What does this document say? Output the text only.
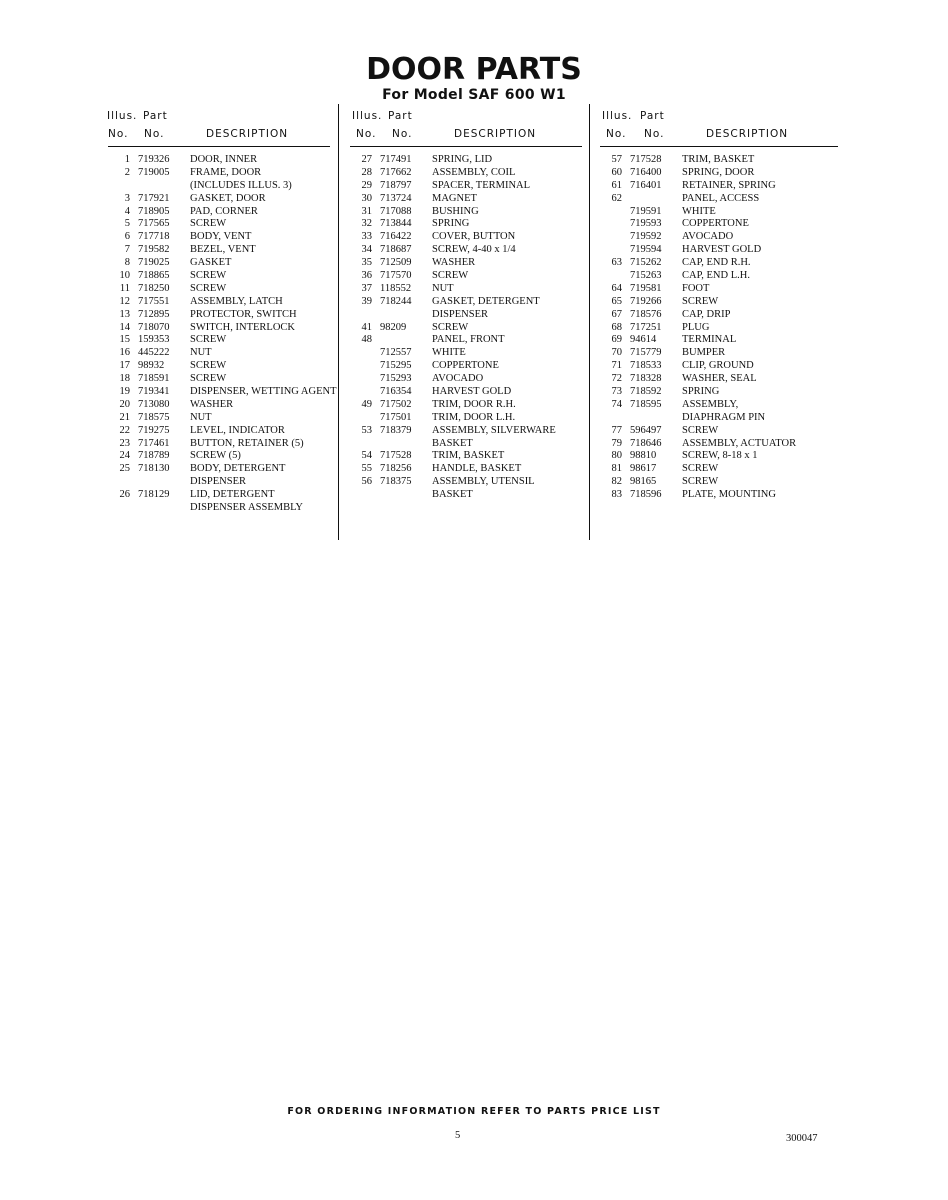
DOOR PARTS
For Model SAF 600 W1
Illus. Part
No. No.	DESCRIPTION
1 719326 DOOR, INNER
2 719005 FRAME, DOOR
(INCLUDES ILLUS. 3)
3 717921 GASKET, DOOR
4 718905 PAD, CORNER
5 717565 SCREW
6 717718 BODY, VENT
7 719582 BEZEL, VENT
8 719025 GASKET
10 718865 SCREW
11 718250 SCREW
12 717551 ASSEMBLY, LATCH
13 712895 PROTECTOR, SWITCH
14 718070 SWITCH, INTERLOCK
15 159353 SCREW
16 445222 NUT
17 98932 SCREW
18 718591 SCREW
19 719341 DISPENSER, WETTING AGENT
20 713080 WASHER
21 718575 NUT
22 719275 LEVEL, INDICATOR
23 717461 BUTTON, RETAINER (5)
24 718789 SCREW (5)
25 718130 BODY, DETERGENT
DISPENSER
26 718129 LID, DETERGENT
DISPENSER ASSEMBLY
Illus. Part
No. No.	DESCRIPTION
27 717491 SPRING, LID
28 717662 ASSEMBLY, COIL
29 718797 SPACER, TERMINAL
30 713724 MAGNET
31 717088 BUSHING
32 713844 SPRING
33 716422 COVER, BUTTON
34 718687 SCREW, 4-40 x 1/4
35 712509 WASHER
36 717570 SCREW
37 118552 NUT
39 718244 GASKET, DETERGENT
DISPENSER
41 98209 SCREW
48	PANEL, FRONT
712557 WHITE
715295 COPPERTONE
715293 AVOCADO
716354 HARVEST GOLD
49 717502 TRIM, DOOR R.H.
717501 TRIM, DOOR L.H.
53 718379 ASSEMBLY, SILVERWARE
BASKET
54 717528 TRIM, BASKET
55 718256 HANDLE, BASKET
56 718375 ASSEMBLY, UTENSIL
BASKET
Illus. Part
No. No.	DESCRIPTION
57 717528 TRIM, BASKET
60 716400 SPRING, DOOR
61 716401 RETAINER, SPRING
62	PANEL, ACCESS
719591 WHITE
719593 COPPERTONE
719592 AVOCADO
719594 HARVEST GOLD
63 715262 CAP, END R.H.
715263 CAP, END L.H.
64 719581 FOOT
65 719266 SCREW
67 718576 CAP, DRIP
68 717251 PLUG
69 94614 TERMINAL
70 715779 BUMPER
71 718533 CLIP, GROUND
72 718328 WASHER, SEAL
73 718592 SPRING
74 718595 ASSEMBLY,
DIAPHRAGM PIN
77 596497 SCREW
79 718646 ASSEMBLY, ACTUATOR
80 98810 SCREW, 8-18 x 1
81 98617 SCREW
82 98165 SCREW
83 718596 PLATE, MOUNTING
FOR ORDERING INFORMATION REFER TO PARTS PRICE LIST
5	300047
